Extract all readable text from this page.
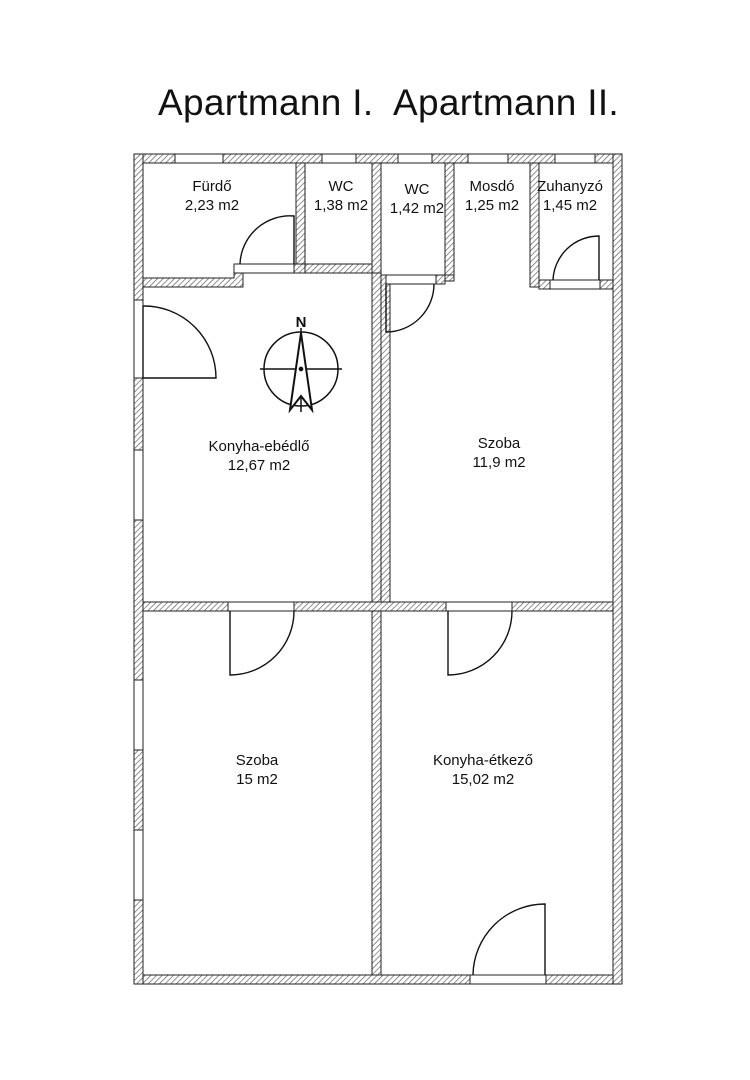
Apartmann I. Apartmann II.
N
Fürdő
2,23 m2
WC
1,38 m2
WC
1,42 m2
Mosdó
1,25 m2
Zuhanyzó
1,45 m2
Konyha-ebédlő
12,67 m2
Szoba
11,9 m2
Szoba
15 m2
Konyha-étkező
15,02 m2
